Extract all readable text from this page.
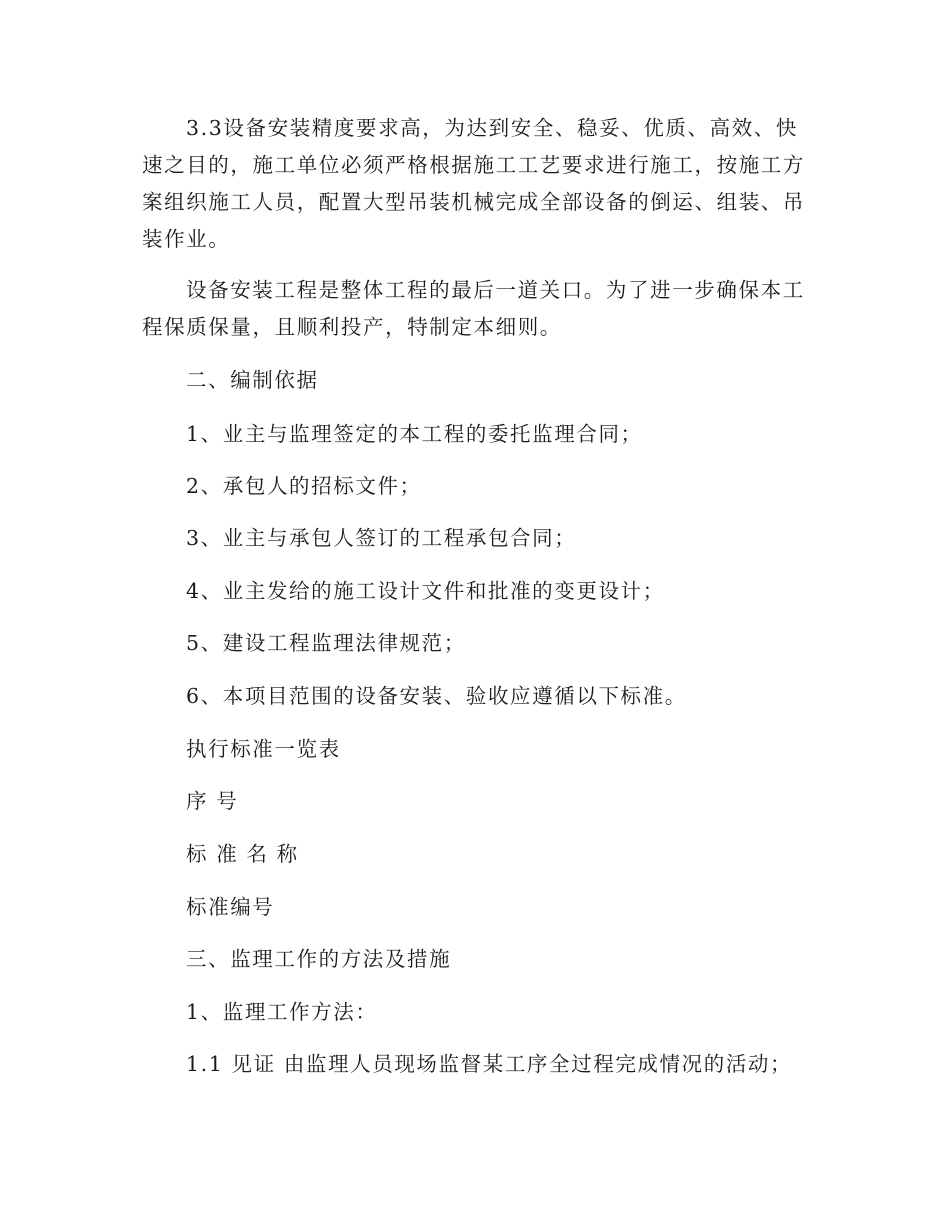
3.3设备安装精度要求高，为达到安全、稳妥、优质、高效、快速之目的，施工单位必须严格根据施工工艺要求进行施工，按施工方案组织施工人员，配置大型吊装机械完成全部设备的倒运、组装、吊装作业。

设备安装工程是整体工程的最后一道关口。为了进一步确保本工程保质保量，且顺利投产，特制定本细则。

二、编制依据

1、业主与监理签定的本工程的委托监理合同；

2、承包人的招标文件；

3、业主与承包人签订的工程承包合同；

4、业主发给的施工设计文件和批准的变更设计；

5、建设工程监理法律规范；

6、本项目范围的设备安装、验收应遵循以下标准。

执行标准一览表

序 号

标 准 名 称

标准编号

三、监理工作的方法及措施

1、监理工作方法：

1.1 见证 由监理人员现场监督某工序全过程完成情况的活动；
